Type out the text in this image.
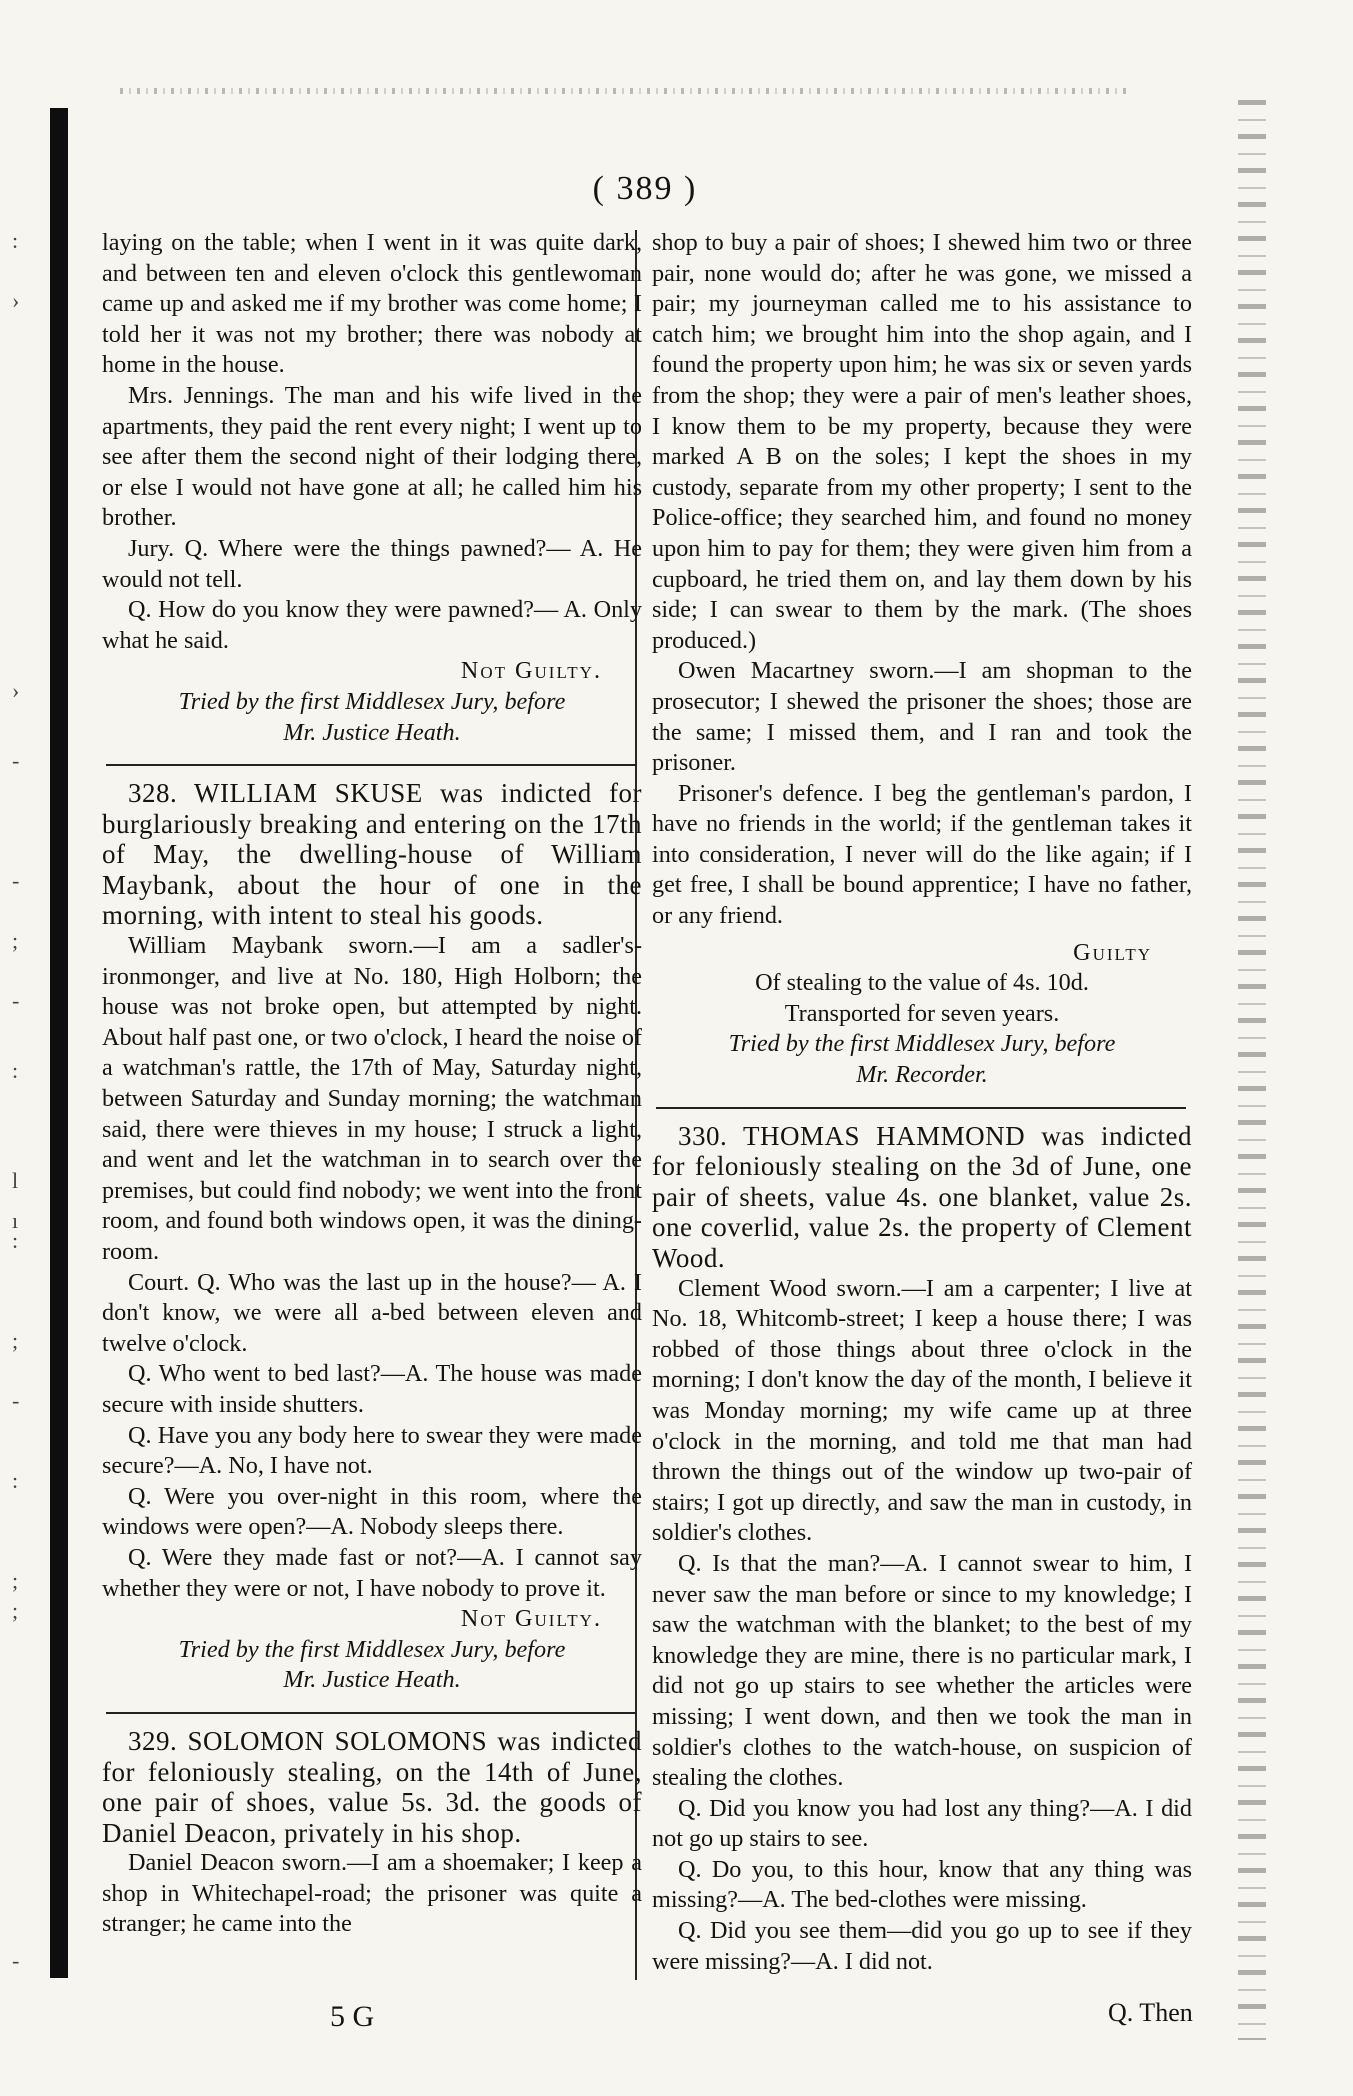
:
›
›
-
-
;
-
:
l
ı
:
;
-
:
;
;
-
( 389 )

laying on the table; when I went in it was quite dark, and between ten and eleven o'clock this gentlewoman came up and asked me if my brother was come home; I told her it was not my brother; there was nobody at home in the house.

Mrs. Jennings. The man and his wife lived in the apartments, they paid the rent every night; I went up to see after them the second night of their lodging there, or else I would not have gone at all; he called him his brother.

Jury. Q. Where were the things pawned?— A. He would not tell.

Q. How do you know they were pawned?— A. Only what he said.

Not Guilty.

Tried by the first Middlesex Jury, before

Mr. Justice Heath.

328. WILLIAM SKUSE was indicted for burglariously breaking and entering on the 17th of May, the dwelling-house of William Maybank, about the hour of one in the morning, with intent to steal his goods.

William Maybank sworn.—I am a sadler's-ironmonger, and live at No. 180, High Holborn; the house was not broke open, but attempted by night. About half past one, or two o'clock, I heard the noise of a watchman's rattle, the 17th of May, Saturday night, between Saturday and Sunday morning; the watchman said, there were thieves in my house; I struck a light, and went and let the watchman in to search over the premises, but could find nobody; we went into the front room, and found both windows open, it was the dining-room.

Court. Q. Who was the last up in the house?— A. I don't know, we were all a-bed between eleven and twelve o'clock.

Q. Who went to bed last?—A. The house was made secure with inside shutters.

Q. Have you any body here to swear they were made secure?—A. No, I have not.

Q. Were you over-night in this room, where the windows were open?—A. Nobody sleeps there.

Q. Were they made fast or not?—A. I cannot say whether they were or not, I have nobody to prove it.

Not Guilty.

Tried by the first Middlesex Jury, before

Mr. Justice Heath.

329. SOLOMON SOLOMONS was indicted for feloniously stealing, on the 14th of June, one pair of shoes, value 5s. 3d. the goods of Daniel Deacon, privately in his shop.

Daniel Deacon sworn.—I am a shoemaker; I keep a shop in Whitechapel-road; the prisoner was quite a stranger; he came into the

shop to buy a pair of shoes; I shewed him two or three pair, none would do; after he was gone, we missed a pair; my journeyman called me to his assistance to catch him; we brought him into the shop again, and I found the property upon him; he was six or seven yards from the shop; they were a pair of men's leather shoes, I know them to be my property, because they were marked A B on the soles; I kept the shoes in my custody, separate from my other property; I sent to the Police-office; they searched him, and found no money upon him to pay for them; they were given him from a cupboard, he tried them on, and lay them down by his side; I can swear to them by the mark. (The shoes produced.)

Owen Macartney sworn.—I am shopman to the prosecutor; I shewed the prisoner the shoes; those are the same; I missed them, and I ran and took the prisoner.

Prisoner's defence. I beg the gentleman's pardon, I have no friends in the world; if the gentleman takes it into consideration, I never will do the like again; if I get free, I shall be bound apprentice; I have no father, or any friend.

Guilty

Of stealing to the value of 4s. 10d.

Transported for seven years.

Tried by the first Middlesex Jury, before

Mr. Recorder.

330. THOMAS HAMMOND was indicted for feloniously stealing on the 3d of June, one pair of sheets, value 4s. one blanket, value 2s. one coverlid, value 2s. the property of Clement Wood.

Clement Wood sworn.—I am a carpenter; I live at No. 18, Whitcomb-street; I keep a house there; I was robbed of those things about three o'clock in the morning; I don't know the day of the month, I believe it was Monday morning; my wife came up at three o'clock in the morning, and told me that man had thrown the things out of the window up two-pair of stairs; I got up directly, and saw the man in custody, in soldier's clothes.

Q. Is that the man?—A. I cannot swear to him, I never saw the man before or since to my knowledge; I saw the watchman with the blanket; to the best of my knowledge they are mine, there is no particular mark, I did not go up stairs to see whether the articles were missing; I went down, and then we took the man in soldier's clothes to the watch-house, on suspicion of stealing the clothes.

Q. Did you know you had lost any thing?—A. I did not go up stairs to see.

Q. Do you, to this hour, know that any thing was missing?—A. The bed-clothes were missing.

Q. Did you see them—did you go up to see if they were missing?—A. I did not.

5 G	Q. Then
